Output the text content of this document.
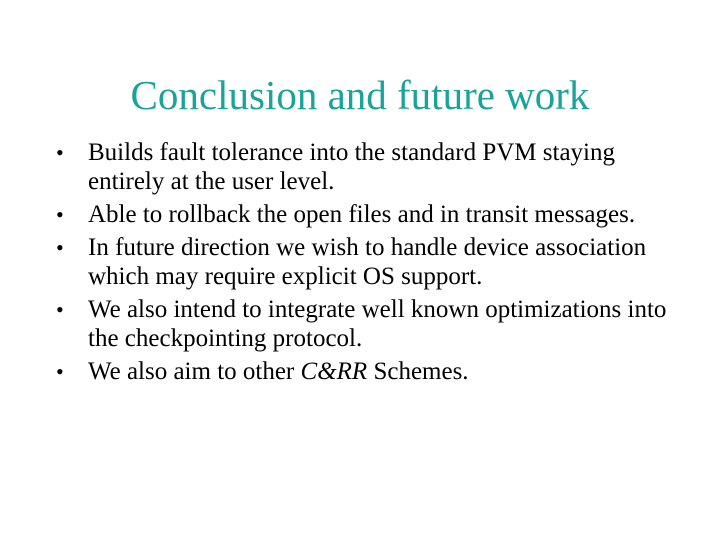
Conclusion and future work
• Builds fault tolerance into the standard PVM staying entirely at the user level.
• Able to rollback the open files and in transit messages.
• In future direction we wish to handle device association which may require explicit OS support.
• We also intend to integrate well known optimizations into the checkpointing protocol.
• We also aim to other C&RR Schemes.
